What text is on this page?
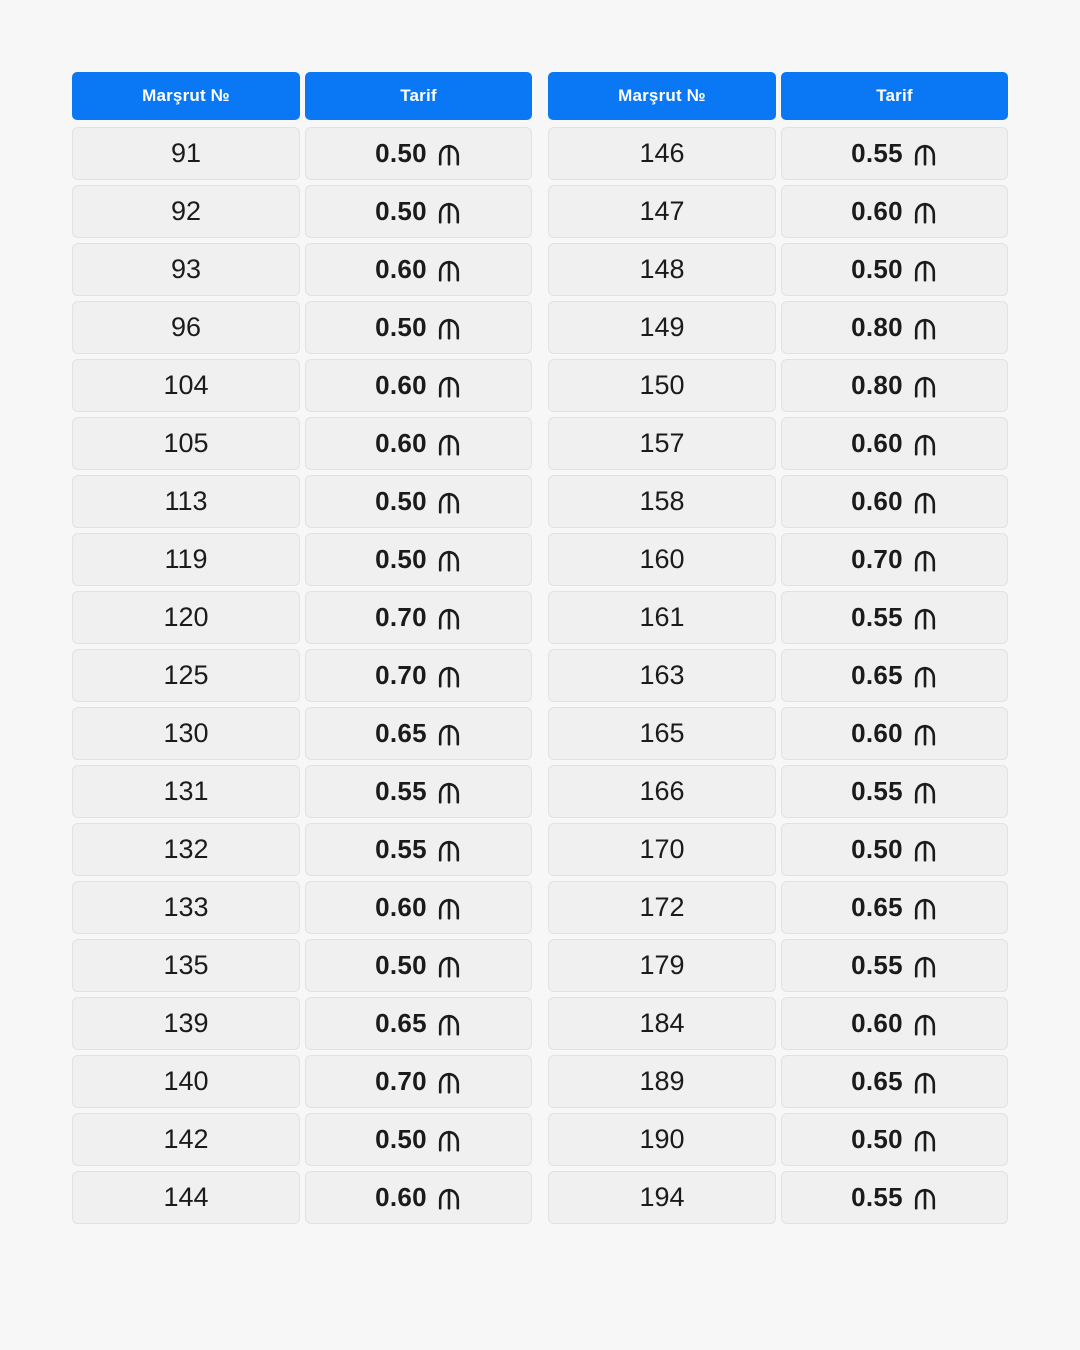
Marşrut №	Tarif
91	0.50
92	0.50
93	0.60
96	0.50
104	0.60
105	0.60
113	0.50
119	0.50
120	0.70
125	0.70
130	0.65
131	0.55
132	0.55
133	0.60
135	0.50
139	0.65
140	0.70
142	0.50
144	0.60
Marşrut №	Tarif
146	0.55
147	0.60
148	0.50
149	0.80
150	0.80
157	0.60
158	0.60
160	0.70
161	0.55
163	0.65
165	0.60
166	0.55
170	0.50
172	0.65
179	0.55
184	0.60
189	0.65
190	0.50
194	0.55
